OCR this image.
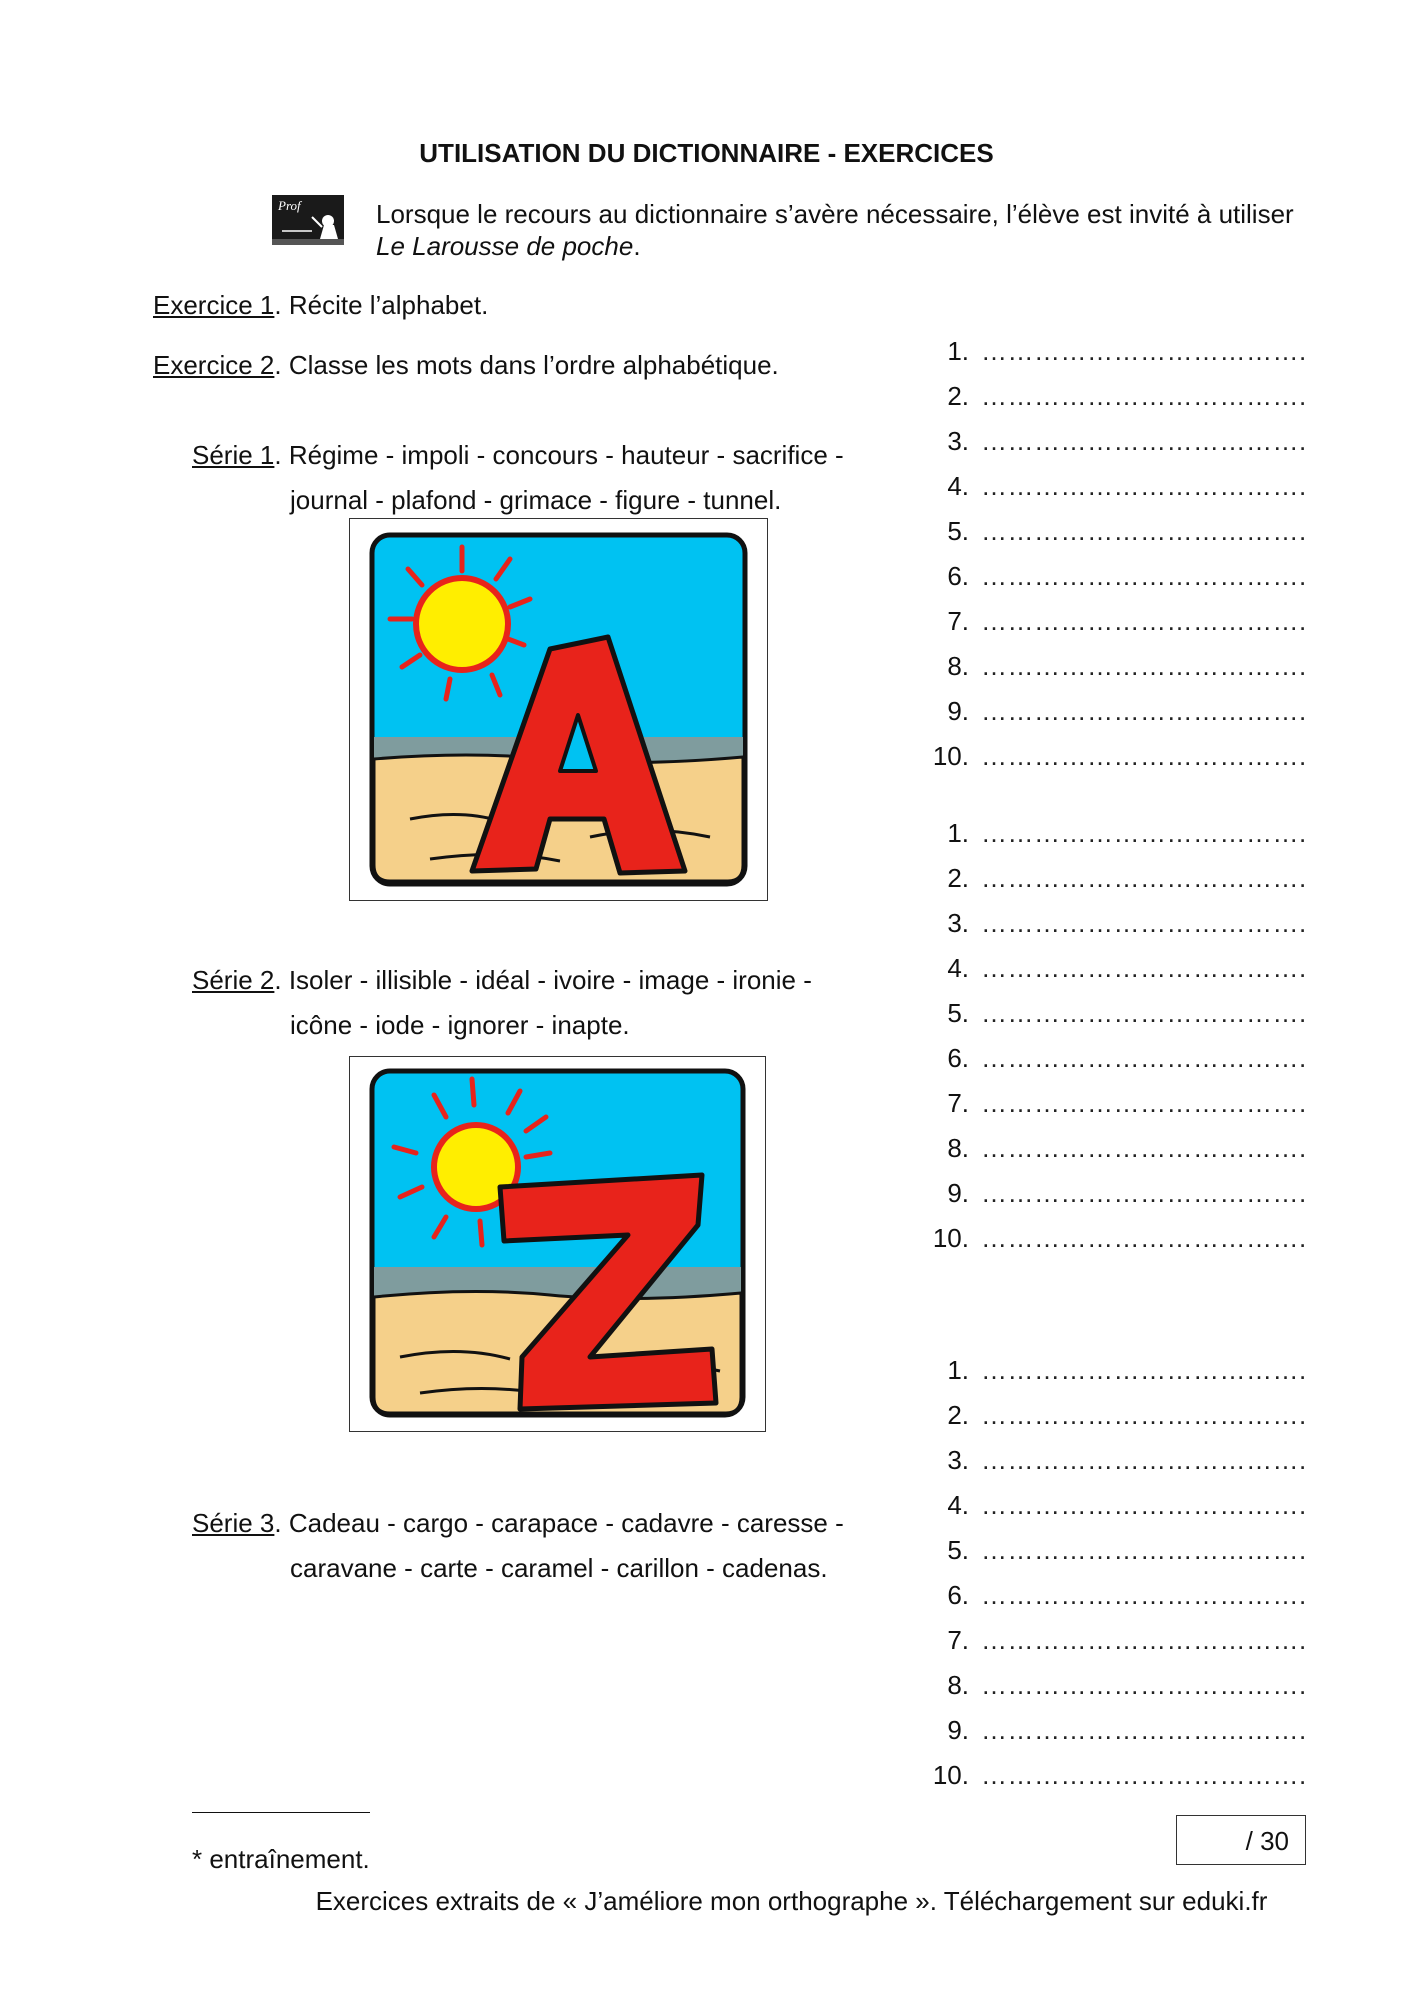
UTILISATION DU DICTIONNAIRE - EXERCICES
Prof	Lorsque le recours au dictionnaire s’avère nécessaire, l’élève est invité à utiliser
Le Larousse de poche.
Exercice 1. Récite l’alphabet.
Exercice 2. Classe les mots dans l’ordre alphabétique.
Série 1. Régime - impoli - concours - hauteur - sacrifice -
journal - plafond - grimace - figure - tunnel.
Série 2. Isoler - illisible - idéal - ivoire - image - ironie -
icône - iode - ignorer - inapte.
Série 3. Cadeau - cargo - carapace - cadavre - caresse -
caravane - carte - caramel - carillon - cadenas.
1. ……………………………….
2. ……………………………….
3. ……………………………….
4. ……………………………….
5. ……………………………….
6. ……………………………….
7. ……………………………….
8. ……………………………….
9. ……………………………….
10. ……………………………….
1. ……………………………….
2. ……………………………….
3. ……………………………….
4. ……………………………….
5. ……………………………….
6. ……………………………….
7. ……………………………….
8. ……………………………….
9. ……………………………….
10. ……………………………….
1. ……………………………….
2. ……………………………….
3. ……………………………….
4. ……………………………….
5. ……………………………….
6. ……………………………….
7. ……………………………….
8. ……………………………….
9. ……………………………….
10. ……………………………….
* entraînement.
/ 30
Exercices extraits de « J’améliore mon orthographe ». Téléchargement sur eduki.fr
